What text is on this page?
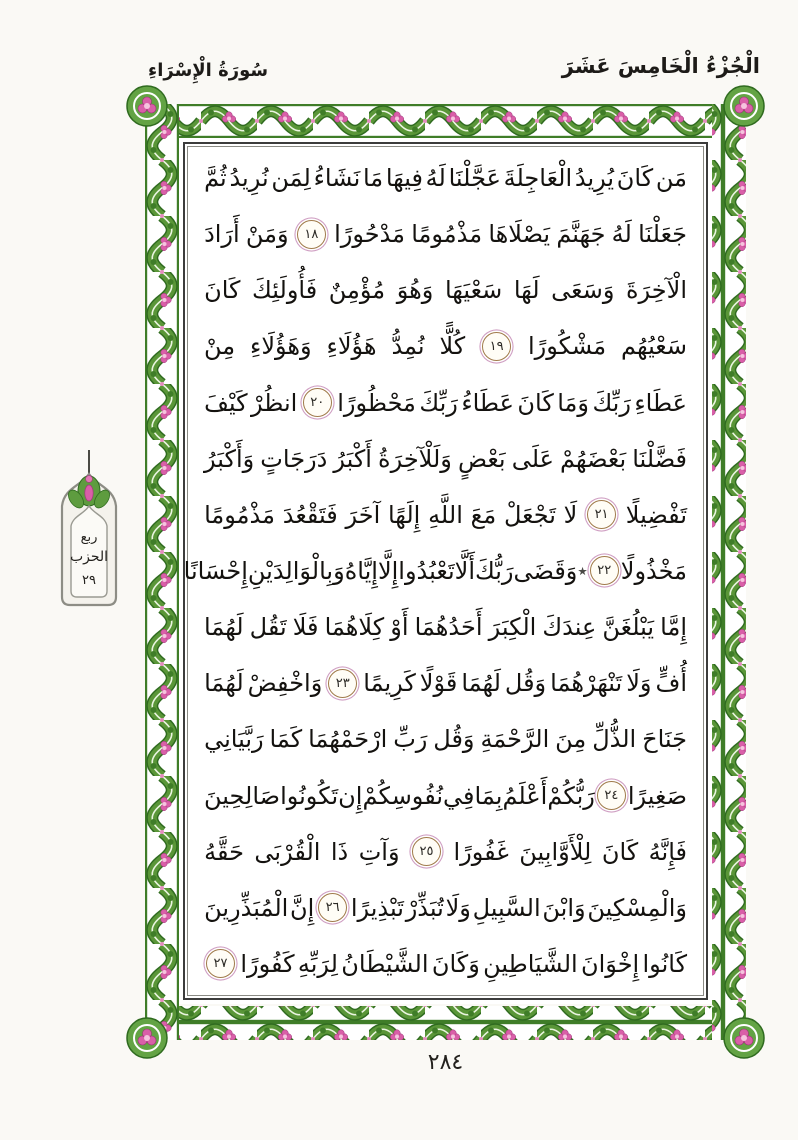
الْجُزْءُ الْخَامِسَ عَشَرَ
سُورَةُ الْإِسْرَاءِ
مَن
كَانَ
يُرِيدُ
الْعَاجِلَةَ
عَجَّلْنَا
لَهُ
فِيهَا
مَا
نَشَاءُ
لِمَن
نُرِيدُ
ثُمَّ
جَعَلْنَا
لَهُ
جَهَنَّمَ
يَصْلَاهَا
مَذْمُومًا
مَدْحُورًا
١٨
وَمَنْ
أَرَادَ
الْآخِرَةَ
وَسَعَى
لَهَا
سَعْيَهَا
وَهُوَ
مُؤْمِنٌ
فَأُولَئِكَ
كَانَ
سَعْيُهُم
مَشْكُورًا
١٩
كُلًّا
نُمِدُّ
هَؤُلَاءِ
وَهَؤُلَاءِ
مِنْ
عَطَاءِ
رَبِّكَ
وَمَا
كَانَ
عَطَاءُ
رَبِّكَ
مَحْظُورًا
٢٠
انظُرْ
كَيْفَ
فَضَّلْنَا
بَعْضَهُمْ
عَلَى
بَعْضٍ
وَلَلْآخِرَةُ
أَكْبَرُ
دَرَجَاتٍ
وَأَكْبَرُ
تَفْضِيلًا
٢١
لَا
تَجْعَلْ
مَعَ
اللَّهِ
إِلَهًا
آخَرَ
فَتَقْعُدَ
مَذْمُومًا
مَخْذُولًا
٢٢
٭
وَقَضَى
رَبُّكَ
أَلَّا
تَعْبُدُوا
إِلَّا
إِيَّاهُ
وَبِالْوَالِدَيْنِ
إِحْسَانًا
إِمَّا
يَبْلُغَنَّ
عِندَكَ
الْكِبَرَ
أَحَدُهُمَا
أَوْ
كِلَاهُمَا
فَلَا
تَقُل
لَهُمَا
أُفٍّ
وَلَا
تَنْهَرْهُمَا
وَقُل
لَهُمَا
قَوْلًا
كَرِيمًا
٢٣
وَاخْفِضْ
لَهُمَا
جَنَاحَ
الذُّلِّ
مِنَ
الرَّحْمَةِ
وَقُل
رَبِّ
ارْحَمْهُمَا
كَمَا
رَبَّيَانِي
صَغِيرًا
٢٤
رَبُّكُمْ
أَعْلَمُ
بِمَا
فِي
نُفُوسِكُمْ
إِن
تَكُونُوا
صَالِحِينَ
فَإِنَّهُ
كَانَ
لِلْأَوَّابِينَ
غَفُورًا
٢٥
وَآتِ
ذَا
الْقُرْبَى
حَقَّهُ
وَالْمِسْكِينَ
وَابْنَ
السَّبِيلِ
وَلَا
تُبَذِّرْ
تَبْذِيرًا
٢٦
إِنَّ
الْمُبَذِّرِينَ
كَانُوا
إِخْوَانَ
الشَّيَاطِينِ
وَكَانَ
الشَّيْطَانُ
لِرَبِّهِ
كَفُورًا
٢٧
ربع
الحزب
٢٩
٢٨٤
